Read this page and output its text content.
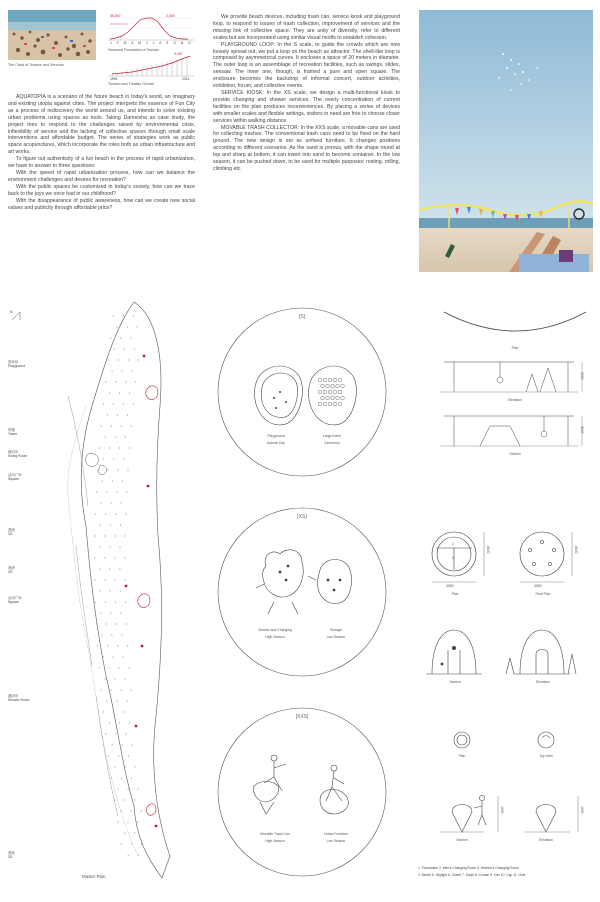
The Crisis of Treatise and Services
55,000	2,000
J F M A M J J A S O N D
Seasonal Fluctuation of Tourists
3,457
1991	2014
Tourism and Treatise Growth

AQUATOPIA is a scenario of the future beach in today's world, an imaginary and existing utopia against cities. The project interprets the essence of Fun City as a process of rediscovery the world around us, and intends to solve existing urban problems using spaces as tools. Taking Dameisha as case study, the project tries to respond to the challenges raised by environmental crisis, inflexibility of service and the lacking of collective spaces through small scale interventions and affordable budget. The series of strategies work as public space acupunctures, which incorporate the roles both as urban infrastructure and art works.

To figure out authenticity of a fun beach in the process of rapid urbanization, we have to answer to three questions:

With the speed of rapid urbanization process, how can we balance the environment challenges and desires for recreation?

With the public spaces be customized in today's society, how can we trace back to the joys we once had in our childhood?

With the disappearance of public awareness, how can we create new social values and publicity through affordable price?

We provide beach devices, including trash can, service kiosk and playground loop, to respond to issues of trash collection, improvement of services and the missing link of collective space. They are unity of diversity, refer to different scales but are incorporated using similar visual motifs to establish cohesion.

PLAYGROUND LOOP: In the S scale, to guide the crowds which are now loosely spread out, we put a loop on the beach as attractor. The shell-like loop is composed by asymmetrical curves. It encloses a space of 20 meters in diameter. The outer loop is an assemblage of recreation facilities, such as swings, slides, seesaw. The inner one, though, is framed a pure and open square. The enclosure becomes the backdrop of informal concert, outdoor activities, exhibition, forum, and collective events.

SERVICE KIOSK: In the XS scale, we design a multi-functional kiosk to provide changing and shower services. The overly concentration of current facilities on the plan produces inconveniences. By placing a series of devices with smaller scales and flexible settings, visitors in need are free to choose closer services within walking distance.

MOVABLE TRASH COLLECTOR: In the XXS scale, a movable cans are used for collecting trashes. The conventional trash cans need to be fixed on the hard ground. The new design is set as unfixed furniture. It changes positions according to different scenarios. As the sand is porous, with the shape round at top and sharp at bottom, it can insert into sand to become container. In the low season, it can be pushed down, to be used for multiple purposes: resting, rolling, climbing etc.

游戏场
Playground
塔楼
Tower
淋浴房
Swing Room
活动广场
Square
漂流
3G
漂流
3G
活动广场
Square
淋浴房
Shower Room
漂流
3G
N
Master Plan
[S]
Playground
Normal Day
Large Event
Ceremony
[XS]
Shower and Changing
High Season
Storage
Low Season
[XXS]
Movable Trash Can
High Season
Urban Furniture
Low Season
Plan
Elevation
Section
3000
4000
1
2
4000	4000
4000	4000
Plan	Roof Plan
Section	Elevation
Plan	Top View
Section	Elevation
1000	1000
1. Foundation 2. Men's Changing Room 3. Women's Changing Room
4. Bench 5. Skylight 6. Closet 7. Script 8. Curtain 9. Can 10. Cap 11. Hole
